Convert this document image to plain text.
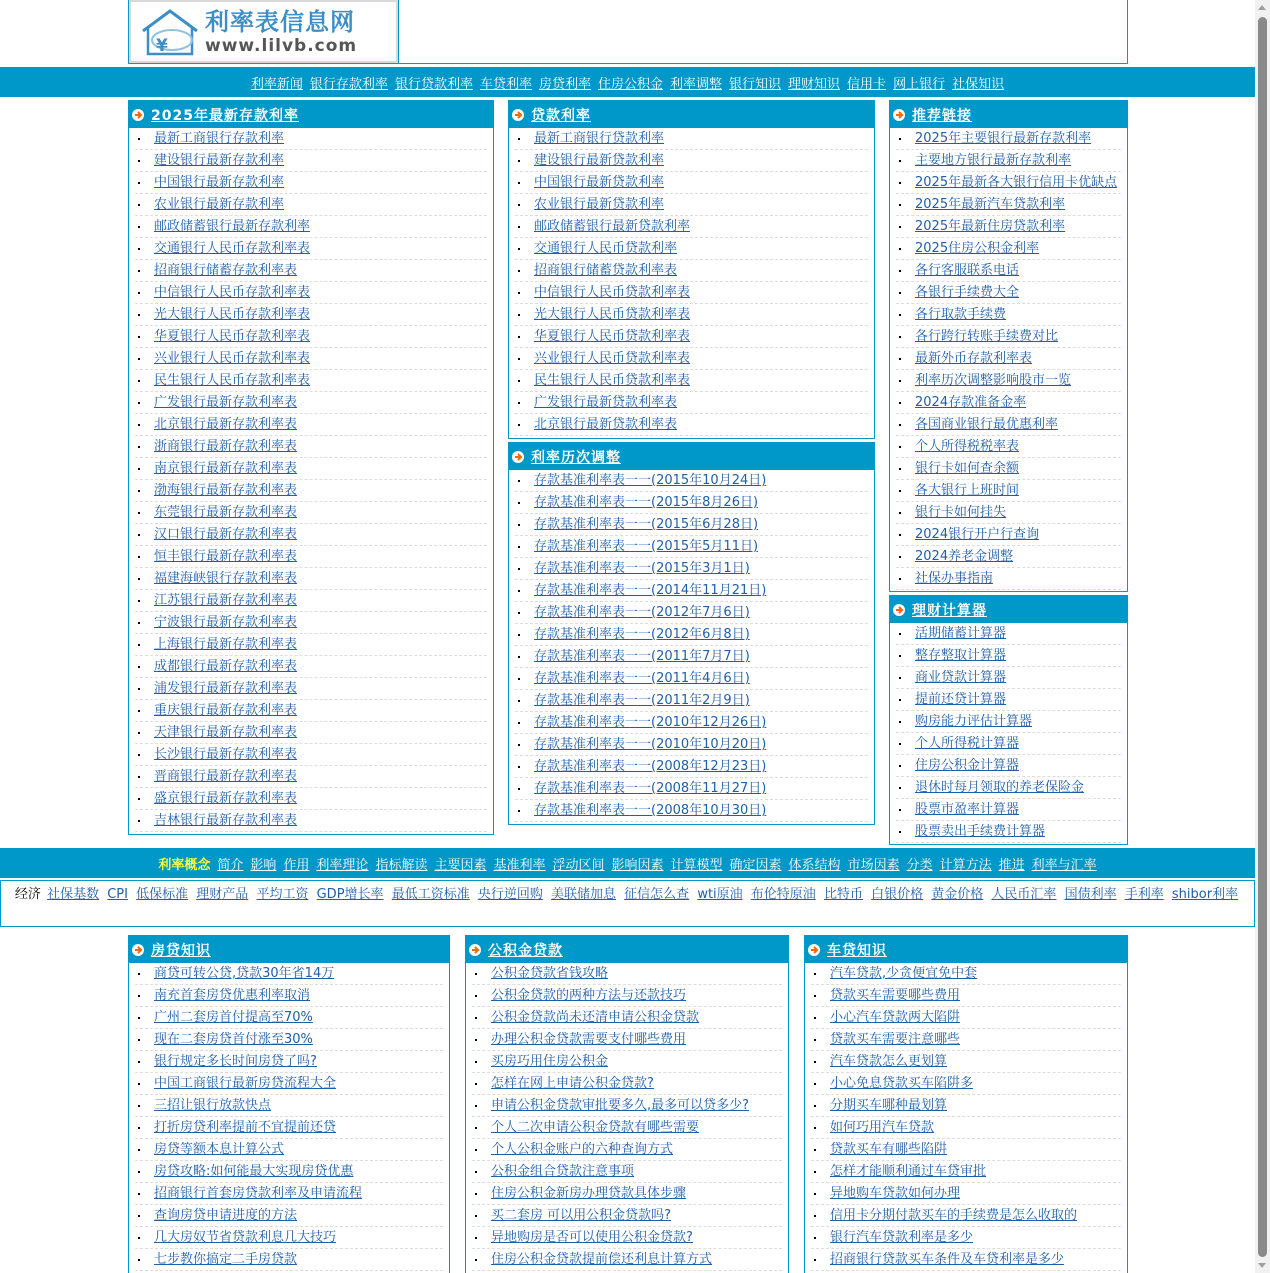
¥
利率表信息网
www.lilvb.com
利率新闻 银行存款利率 银行贷款利率 车贷利率 房贷利率 住房公积金 利率调整 银行知识 理财知识 信用卡 网上银行 社保知识
2025年最新存款利率
最新工商银行存款利率
建设银行最新存款利率
中国银行最新存款利率
农业银行最新存款利率
邮政储蓄银行最新存款利率
交通银行人民币存款利率表
招商银行储蓄存款利率表
中信银行人民币存款利率表
光大银行人民币存款利率表
华夏银行人民币存款利率表
兴业银行人民币存款利率表
民生银行人民币存款利率表
广发银行最新存款利率表
北京银行最新存款利率表
浙商银行最新存款利率表
南京银行最新存款利率表
渤海银行最新存款利率表
东莞银行最新存款利率表
汉口银行最新存款利率表
恒丰银行最新存款利率表
福建海峡银行存款利率表
江苏银行最新存款利率表
宁波银行最新存款利率表
上海银行最新存款利率表
成都银行最新存款利率表
浦发银行最新存款利率表
重庆银行最新存款利率表
天津银行最新存款利率表
长沙银行最新存款利率表
晋商银行最新存款利率表
盛京银行最新存款利率表
吉林银行最新存款利率表
贷款利率
最新工商银行贷款利率
建设银行最新贷款利率
中国银行最新贷款利率
农业银行最新贷款利率
邮政储蓄银行最新贷款利率
交通银行人民币贷款利率
招商银行储蓄贷款利率表
中信银行人民币贷款利率表
光大银行人民币贷款利率表
华夏银行人民币贷款利率表
兴业银行人民币贷款利率表
民生银行人民币贷款利率表
广发银行最新贷款利率表
北京银行最新贷款利率表
利率历次调整
存款基准利率表一一(2015年10月24日)
存款基准利率表一一(2015年8月26日)
存款基准利率表一一(2015年6月28日)
存款基准利率表一一(2015年5月11日)
存款基准利率表一一(2015年3月1日)
存款基准利率表一一(2014年11月21日)
存款基准利率表一一(2012年7月6日)
存款基准利率表一一(2012年6月8日)
存款基准利率表一一(2011年7月7日)
存款基准利率表一一(2011年4月6日)
存款基准利率表一一(2011年2月9日)
存款基准利率表一一(2010年12月26日)
存款基准利率表一一(2010年10月20日)
存款基准利率表一一(2008年12月23日)
存款基准利率表一一(2008年11月27日)
存款基准利率表一一(2008年10月30日)
推荐链接
2025年主要银行最新存款利率
主要地方银行最新存款利率
2025年最新各大银行信用卡优缺点
2025年最新汽车贷款利率
2025年最新住房贷款利率
2025住房公积金利率
各行客服联系电话
各银行手续费大全
各行取款手续费
各行跨行转账手续费对比
最新外币存款利率表
利率历次调整影响股市一览
2024存款准备金率
各国商业银行最优惠利率
个人所得税税率表
银行卡如何查余额
各大银行上班时间
银行卡如何挂失
2024银行开户行查询
2024养老金调整
社保办事指南
理财计算器
活期储蓄计算器
整存整取计算器
商业贷款计算器
提前还贷计算器
购房能力评估计算器
个人所得税计算器
住房公积金计算器
退休时每月领取的养老保险金
股票市盈率计算器
股票卖出手续费计算器
房贷知识
商贷可转公贷,贷款30年省14万
南充首套房贷优惠利率取消
广州二套房首付提高至70%
现在二套房贷首付涨至30%
银行规定多长时间房贷了吗?
中国工商银行最新房贷流程大全
三招让银行放款快点
打折房贷利率提前不宜提前还贷
房贷等额本息计算公式
房贷攻略:如何能最大实现房贷优惠
招商银行首套房贷款利率及申请流程
查询房贷申请进度的方法
几大房奴节省贷款利息几大技巧
七步教你搞定二手房贷款
公积金贷款
公积金贷款省钱攻略
公积金贷款的两种方法与还款技巧
公积金贷款尚未还清申请公积金贷款
办理公积金贷款需要支付哪些费用
买房巧用住房公积金
怎样在网上申请公积金贷款?
申请公积金贷款审批要多久,最多可以贷多少?
个人二次申请公积金贷款有哪些需要
个人公积金账户的六种查询方式
公积金组合贷款注意事项
住房公积金新房办理贷款具体步骤
买二套房 可以用公积金贷款吗?
异地购房是否可以使用公积金贷款?
住房公积金贷款提前偿还利息计算方式
车贷知识
汽车贷款,少贪便宜免中套
贷款买车需要哪些费用
小心汽车贷款两大陷阱
贷款买车需要注意哪些
汽车贷款怎么更划算
小心免息贷款买车陷阱多
分期买车哪种最划算
如何巧用汽车贷款
贷款买车有哪些陷阱
怎样才能顺利通过车贷审批
异地购车贷款如何办理
信用卡分期付款买车的手续费是怎么收取的
银行汽车贷款利率是多少
招商银行贷款买车条件及车贷利率是多少
利率概念 简介 影响 作用 利率理论 指标解读 主要因素 基准利率 浮动区间 影响因素 计算模型 确定因素 体系结构 市场因素 分类 计算方法 推进 利率与汇率
经济 社保基数 CPI 低保标准 理财产品 平均工资 GDP增长率 最低工资标准 央行逆回购 美联储加息 征信怎么查 wti原油 布伦特原油 比特币 白银价格 黄金价格 人民币汇率 国债利率 手利率 shibor利率
